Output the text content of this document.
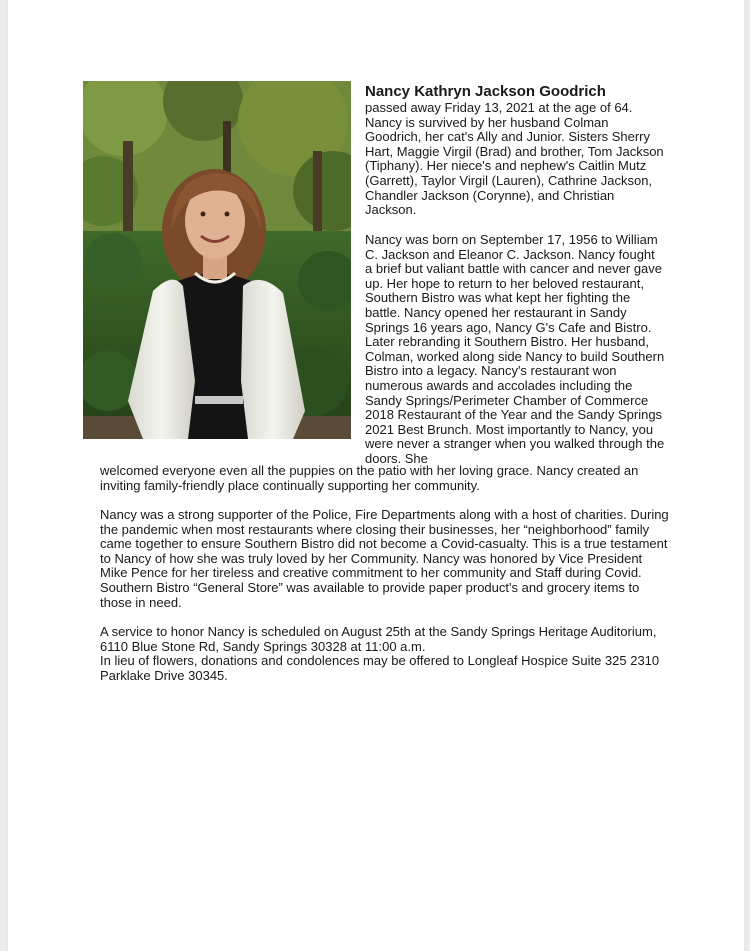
Nancy Kathryn Jackson Goodrich

passed away Friday 13, 2021 at the age of 64. Nancy is survived by her husband Colman Goodrich, her cat's Ally and Junior. Sisters Sherry Hart, Maggie Virgil (Brad) and brother, Tom Jackson (Tiphany). Her niece's and nephew's Caitlin Mutz (Garrett), Taylor Virgil (Lauren), Cathrine Jackson, Chandler Jackson (Corynne), and Christian Jackson.

Nancy was born on September 17, 1956 to William C. Jackson and Eleanor C. Jackson. Nancy fought a brief but valiant battle with cancer and never gave up. Her hope to return to her beloved restaurant, Southern Bistro was what kept her fighting the battle. Nancy opened her restaurant in Sandy Springs 16 years ago, Nancy G's Cafe and Bistro. Later rebranding it Southern Bistro. Her husband, Colman, worked along side Nancy to build Southern Bistro into a legacy. Nancy's restaurant won numerous awards and accolades including the Sandy Springs/Perimeter Chamber of Commerce 2018 Restaurant of the Year and the Sandy Springs 2021 Best Brunch. Most importantly to Nancy, you were never a stranger when you walked through the doors. She

welcomed everyone even all the puppies on the patio with her loving grace. Nancy created an inviting family-friendly place continually supporting her community.

Nancy was a strong supporter of the Police, Fire Departments along with a host of charities. During the pandemic when most restaurants where closing their businesses, her “neighborhood” family came together to ensure Southern Bistro did not become a Covid-casualty. This is a true testament to Nancy of how she was truly loved by her Community. Nancy was honored by Vice President Mike Pence for her tireless and creative commitment to her community and Staff during Covid. Southern Bistro “General Store” was available to provide paper product's and grocery items to those in need.

A service to honor Nancy is scheduled on August 25th at the Sandy Springs Heritage Auditorium, 6110 Blue Stone Rd, Sandy Springs 30328 at 11:00 a.m.
In lieu of flowers, donations and condolences may be offered to Longleaf Hospice Suite 325 2310 Parklake Drive 30345.
